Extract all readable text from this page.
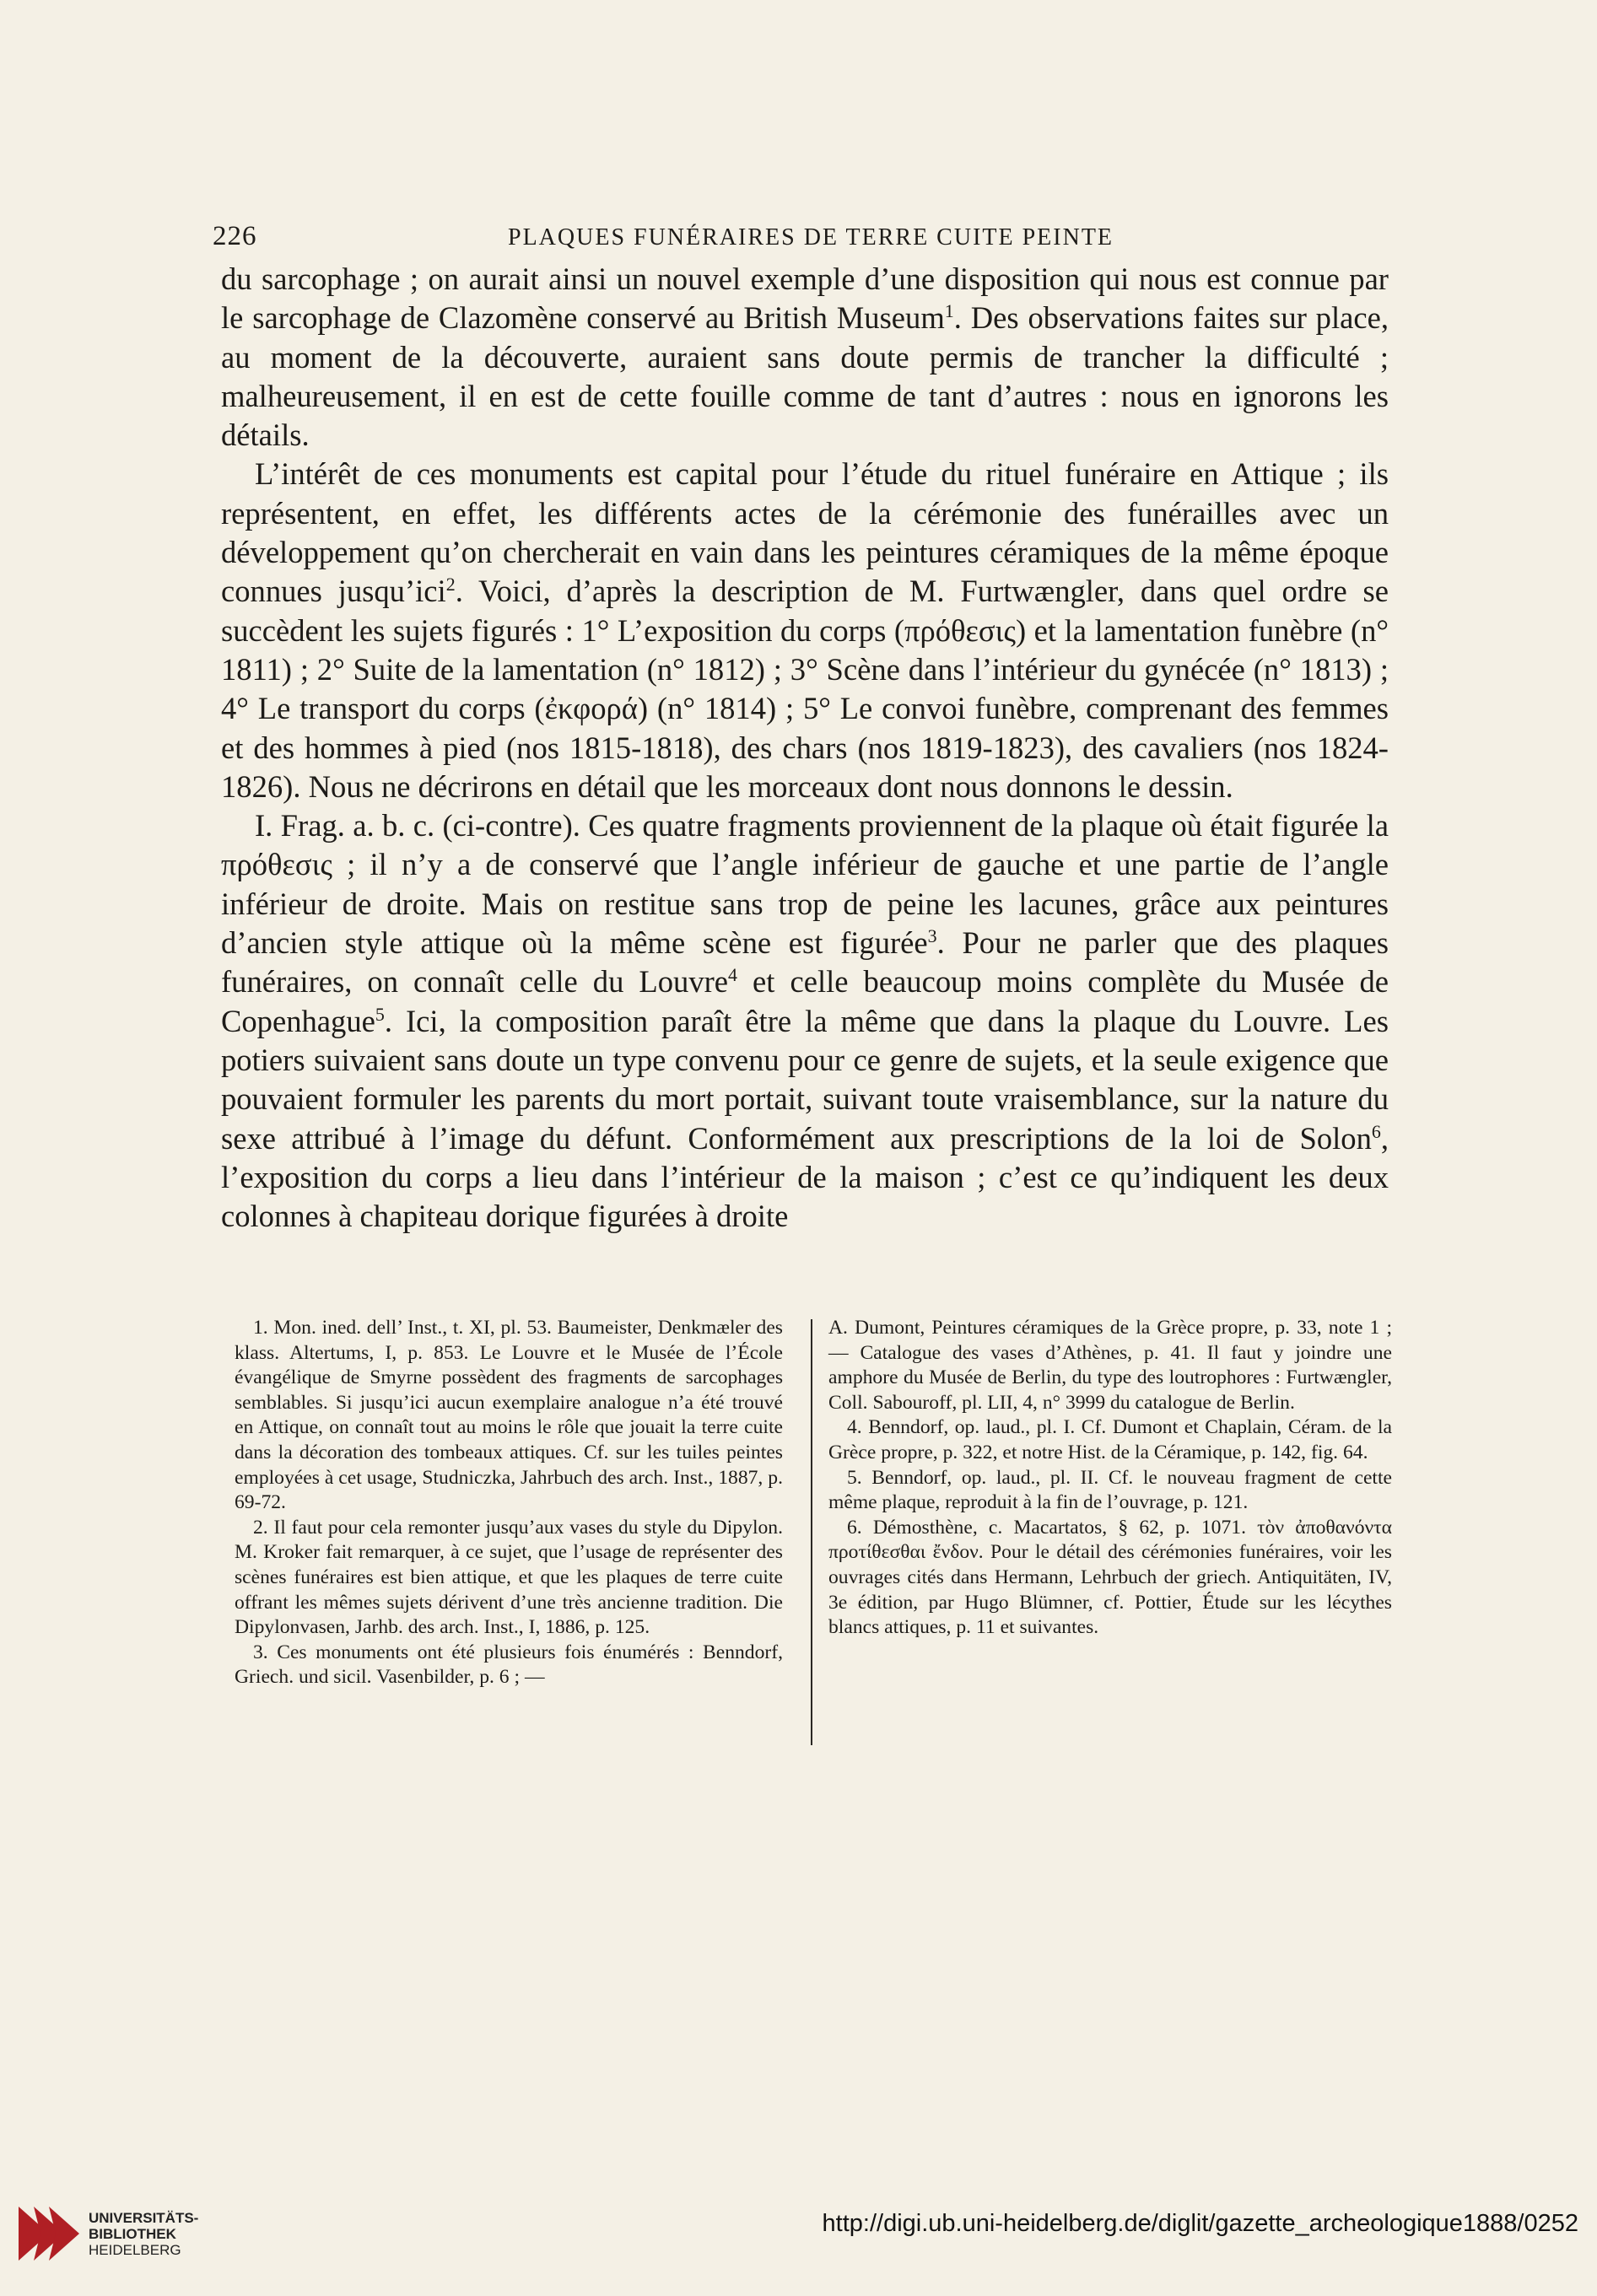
226	PLAQUES FUNÉRAIRES DE TERRE CUITE PEINTE

du sarcophage ; on aurait ainsi un nouvel exemple d’une disposition qui nous est connue par le sarcophage de Clazomène conservé au British Museum$^1$. Des observations faites sur place, au moment de la découverte, auraient sans doute permis de trancher la difficulté ; malheureusement, il en est de cette fouille comme de tant d’autres : nous en ignorons les détails.

L’intérêt de ces monuments est capital pour l’étude du rituel funéraire en Attique ; ils représentent, en effet, les différents actes de la cérémonie des funérailles avec un développement qu’on chercherait en vain dans les peintures céramiques de la même époque connues jusqu’ici$^2$. Voici, d’après la description de M. Furtwængler, dans quel ordre se succèdent les sujets figurés : 1° L’exposition du corps (πρόθεσις) et la lamentation funèbre (n° 1811) ; 2° Suite de la lamentation (n° 1812) ; 3° Scène dans l’intérieur du gynécée (n° 1813) ; 4° Le transport du corps (ἐκφορά) (n° 1814) ; 5° Le convoi funèbre, comprenant des femmes et des hommes à pied (nos 1815-1818), des chars (nos 1819-1823), des cavaliers (nos 1824-1826). Nous ne décrirons en détail que les morceaux dont nous donnons le dessin.

I. Frag. a. b. c. (ci-contre). Ces quatre fragments proviennent de la plaque où était figurée la πρόθεσις ; il n’y a de conservé que l’angle inférieur de gauche et une partie de l’angle inférieur de droite. Mais on restitue sans trop de peine les lacunes, grâce aux peintures d’ancien style attique où la même scène est figurée$^3$. Pour ne parler que des plaques funéraires, on connaît celle du Louvre$^4$ et celle beaucoup moins complète du Musée de Copenhague$^5$. Ici, la composition paraît être la même que dans la plaque du Louvre. Les potiers suivaient sans doute un type convenu pour ce genre de sujets, et la seule exigence que pouvaient formuler les parents du mort portait, suivant toute vraisemblance, sur la nature du sexe attribué à l’image du défunt. Conformément aux prescriptions de la loi de Solon$^6$, l’exposition du corps a lieu dans l’intérieur de la maison ; c’est ce qu’indiquent les deux colonnes à chapiteau dorique figurées à droite

1. Mon. ined. dell’ Inst., t. XI, pl. 53. Baumeister, Denkmæler des klass. Altertums, I, p. 853. Le Louvre et le Musée de l’École évangélique de Smyrne possèdent des fragments de sarcophages semblables. Si jusqu’ici aucun exemplaire analogue n’a été trouvé en Attique, on connaît tout au moins le rôle que jouait la terre cuite dans la décoration des tombeaux attiques. Cf. sur les tuiles peintes employées à cet usage, Studniczka, Jahrbuch des arch. Inst., 1887, p. 69-72.

2. Il faut pour cela remonter jusqu’aux vases du style du Dipylon. M. Kroker fait remarquer, à ce sujet, que l’usage de représenter des scènes funéraires est bien attique, et que les plaques de terre cuite offrant les mêmes sujets dérivent d’une très ancienne tradition. Die Dipylonvasen, Jarhb. des arch. Inst., I, 1886, p. 125.

3. Ces monuments ont été plusieurs fois énumérés : Benndorf, Griech. und sicil. Vasenbilder, p. 6 ; —

A. Dumont, Peintures céramiques de la Grèce propre, p. 33, note 1 ; — Catalogue des vases d’Athènes, p. 41. Il faut y joindre une amphore du Musée de Berlin, du type des loutrophores : Furtwængler, Coll. Sabouroff, pl. LII, 4, n° 3999 du catalogue de Berlin.

4. Benndorf, op. laud., pl. I. Cf. Dumont et Chaplain, Céram. de la Grèce propre, p. 322, et notre Hist. de la Céramique, p. 142, fig. 64.

5. Benndorf, op. laud., pl. II. Cf. le nouveau fragment de cette même plaque, reproduit à la fin de l’ouvrage, p. 121.

6. Démosthène, c. Macartatos, § 62, p. 1071. τὸν ἀποθανόντα προτίθεσθαι ἔνδον. Pour le détail des cérémonies funéraires, voir les ouvrages cités dans Hermann, Lehrbuch der griech. Antiquitäten, IV, 3e édition, par Hugo Blümner, cf. Pottier, Étude sur les lécythes blancs attiques, p. 11 et suivantes.

UNIVERSITÄTS-
BIBLIOTHEK
HEIDELBERG
http://digi.ub.uni-heidelberg.de/diglit/gazette_archeologique1888/0252
